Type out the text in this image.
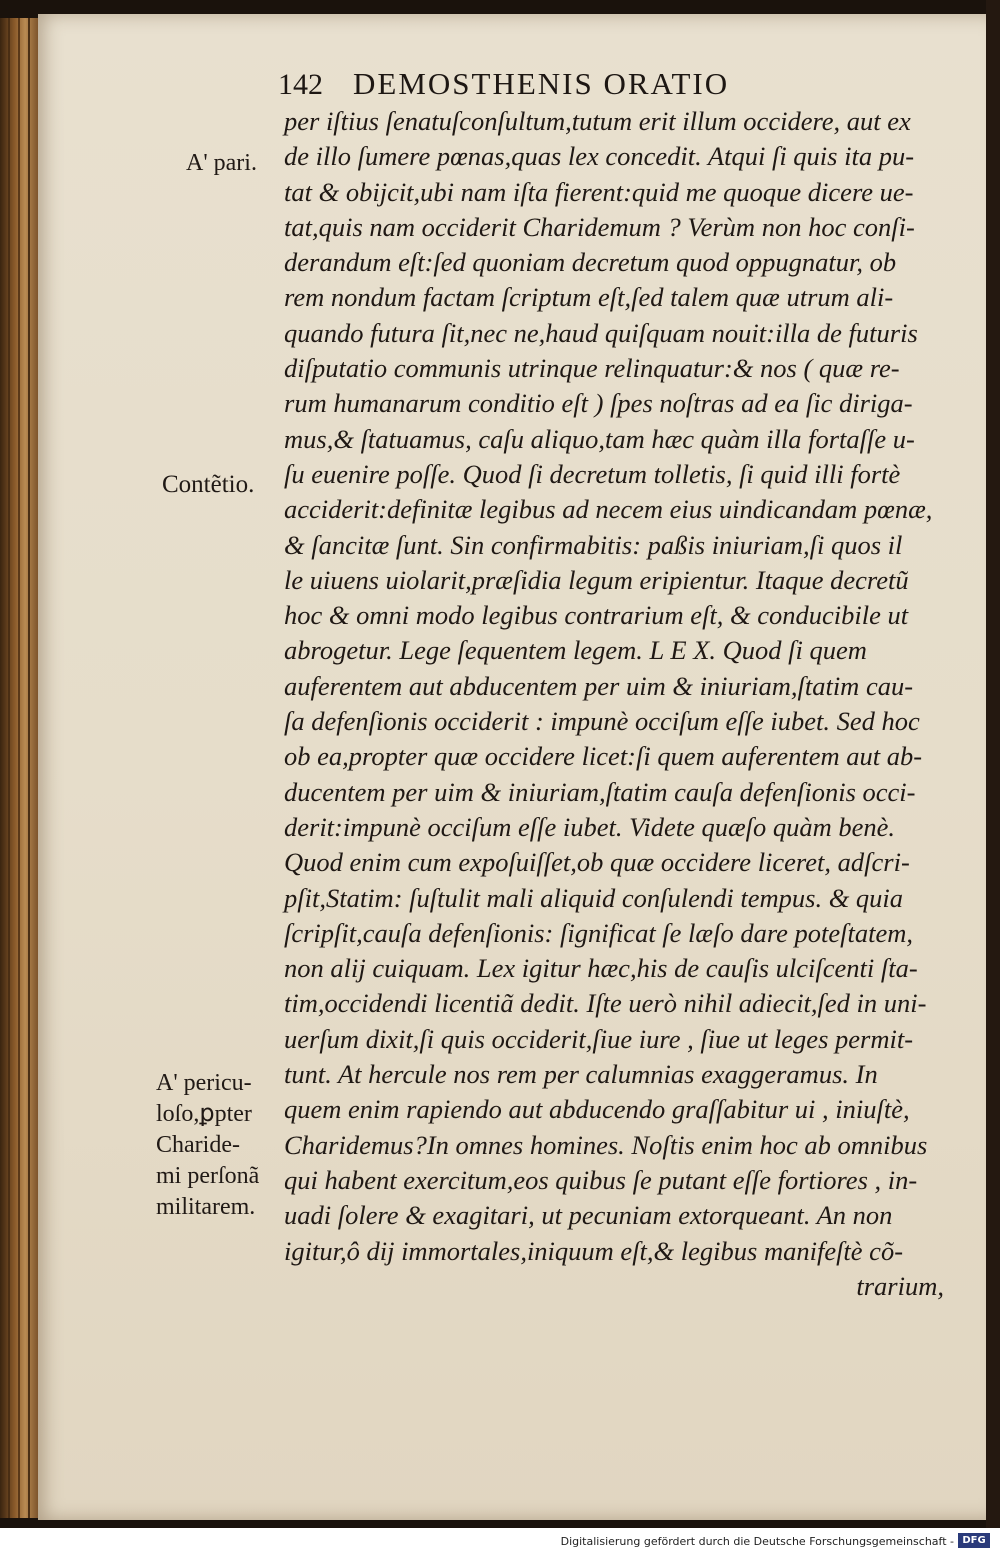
142 DEMOSTHENIS ORATIO
A' pari.
Contẽtio.
A' pericu-
loſo,ꝑpter
Charide-
mi perſonã
militarem.
per iſtius ſenatuſconſultum,tutum erit illum occidere, aut ex
de illo ſumere pœnas,quas lex concedit. Atqui ſi quis ita pu-
tat & obijcit,ubi nam iſta fierent:quid me quoque dicere ue-
tat,quis nam occiderit Charidemum ? Verùm non hoc conſi-
derandum eſt:ſed quoniam decretum quod oppugnatur, ob
rem nondum factam ſcriptum eſt,ſed talem quæ utrum ali-
quando futura ſit,nec ne,haud quiſquam nouit:illa de futuris
diſputatio communis utrinque relinquatur:& nos ( quæ re-
rum humanarum conditio eſt ) ſpes noſtras ad ea ſic diriga-
mus,& ſtatuamus, caſu aliquo,tam hæc quàm illa fortaſſe u-
ſu euenire poſſe. Quod ſi decretum tolletis, ſi quid illi fortè
acciderit:definitæ legibus ad necem eius uindicandam pœnæ,
& ſancitæ ſunt. Sin confirmabitis: paßis iniuriam,ſi quos il
le uiuens uiolarit,præſidia legum eripientur. Itaque decretũ
hoc & omni modo legibus contrarium eſt, & conducibile ut
abrogetur. Lege ſequentem legem. L E X. Quod ſi quem
auferentem aut abducentem per uim & iniuriam,ſtatim cau-
ſa defenſionis occiderit : impunè occiſum eſſe iubet. Sed hoc
ob ea,propter quæ occidere licet:ſi quem auferentem aut ab-
ducentem per uim & iniuriam,ſtatim cauſa defenſionis occi-
derit:impunè occiſum eſſe iubet. Videte quæſo quàm benè.
Quod enim cum expoſuiſſet,ob quæ occidere liceret, adſcri-
pſit,Statim: ſuſtulit mali aliquid conſulendi tempus. & quia
ſcripſit,cauſa defenſionis: ſignificat ſe læſo dare poteſtatem,
non alij cuiquam. Lex igitur hæc,his de cauſis ulciſcenti ſta-
tim,occidendi licentiã dedit. Iſte uerò nihil adiecit,ſed in uni-
uerſum dixit,ſi quis occiderit,ſiue iure , ſiue ut leges permit-
tunt. At hercule nos rem per calumnias exaggeramus. In
quem enim rapiendo aut abducendo graſſabitur ui , iniuſtè,
Charidemus?In omnes homines. Noſtis enim hoc ab omnibus
qui habent exercitum,eos quibus ſe putant eſſe fortiores , in-
uadi ſolere & exagitari, ut pecuniam extorqueant. An non
igitur,ô dij immortales,iniquum eſt,& legibus manifeſtè cõ-
trarium,
Digitalisierung gefördert durch die Deutsche Forschungsgemeinschaft - DFG
